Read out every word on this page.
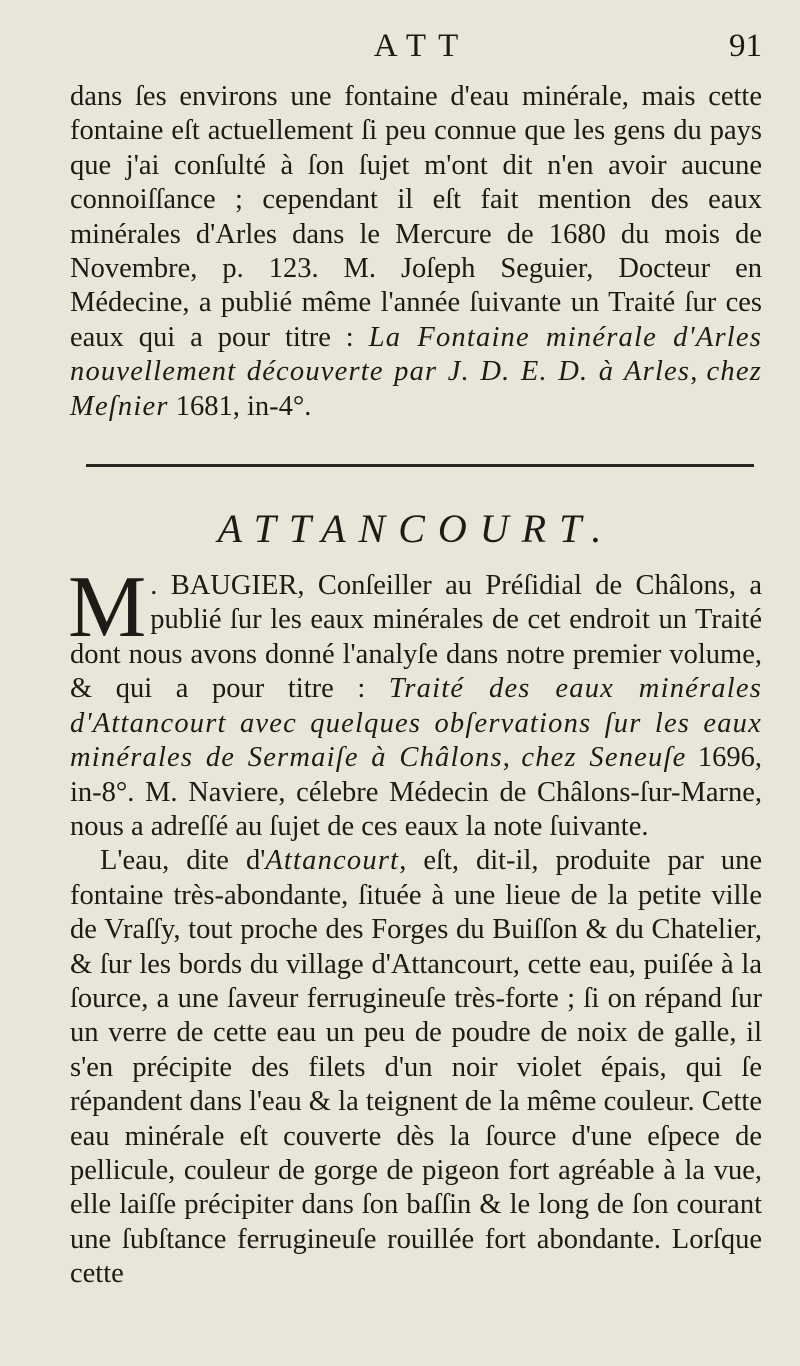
ATT	91

dans ſes environs une fontaine d'eau minérale, mais cette fontaine eſt actuellement ſi peu connue que les gens du pays que j'ai conſulté à ſon ſujet m'ont dit n'en avoir aucune connoiſſance ; cependant il eſt fait mention des eaux minérales d'Arles dans le Mercure de 1680 du mois de Novembre, p. 123. M. Joſeph Seguier, Docteur en Médecine, a publié même l'année ſuivante un Traité ſur ces eaux qui a pour titre : La Fontaine minérale d'Arles nouvellement découverte par J. D. E. D. à Arles, chez Meſnier 1681, in-4°.

ATTANCOURT.

M . BAUGIER, Conſeiller au Préſidial de Châlons, a publié ſur les eaux minérales de cet endroit un Traité dont nous avons donné l'analyſe dans notre premier volume, & qui a pour titre : Traité des eaux minérales d'Attancourt avec quelques obſervations ſur les eaux minérales de Sermaiſe à Châlons, chez Seneuſe 1696, in-8°. M. Naviere, célebre Médecin de Châlons-ſur-Marne, nous a adreſſé au ſujet de ces eaux la note ſuivante.

L'eau, dite d'Attancourt, eſt, dit-il, produite par une fontaine très-abondante, ſituée à une lieue de la petite ville de Vraſſy, tout proche des Forges du Buiſſon & du Chatelier, & ſur les bords du village d'Attancourt, cette eau, puiſée à la ſource, a une ſaveur ferrugineuſe très-forte ; ſi on répand ſur un verre de cette eau un peu de poudre de noix de galle, il s'en précipite des filets d'un noir violet épais, qui ſe répandent dans l'eau & la teignent de la même couleur. Cette eau minérale eſt couverte dès la ſource d'une eſpece de pellicule, couleur de gorge de pigeon fort agréable à la vue, elle laiſſe précipiter dans ſon baſſin & le long de ſon courant une ſubſtance ferrugineuſe rouillée fort abondante. Lorſque cette
